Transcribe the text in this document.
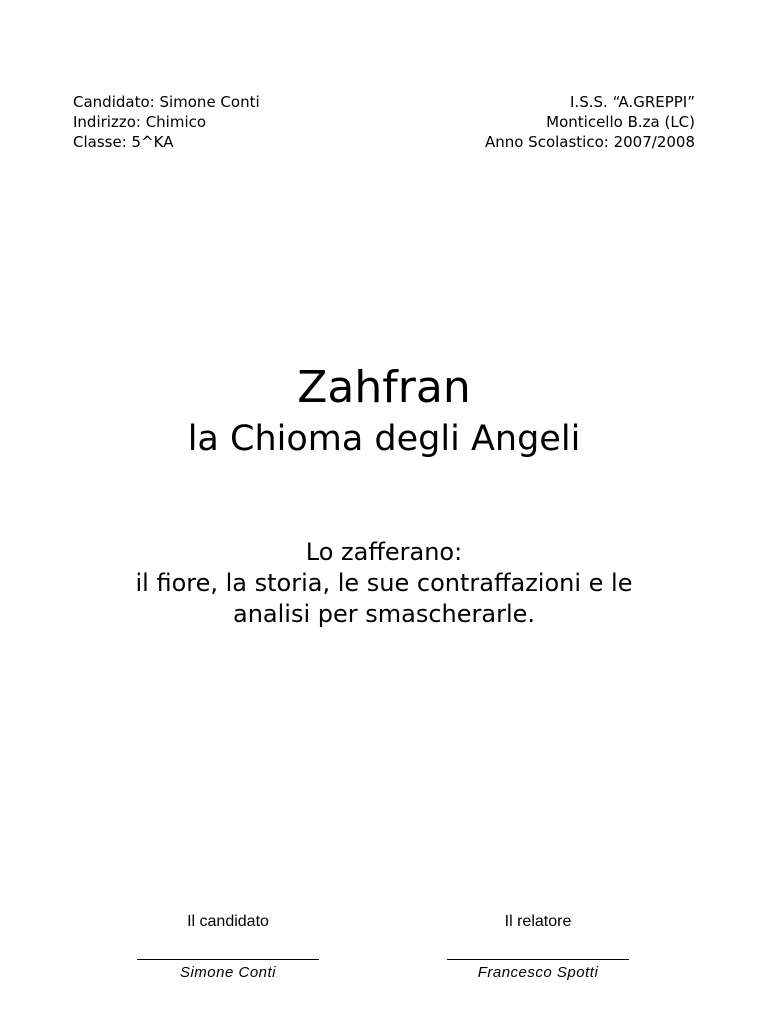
Candidato: Simone Conti
Indirizzo: Chimico
Classe: 5^KA
I.S.S. “A.GREPPI”
Monticello B.za (LC)
Anno Scolastico: 2007/2008
Zahfran
la Chioma degli Angeli
Lo zafferano:
il fiore, la storia, le sue contraffazioni e le
analisi per smascherarle.
Il candidato
Simone Conti
Il relatore
Francesco Spotti
